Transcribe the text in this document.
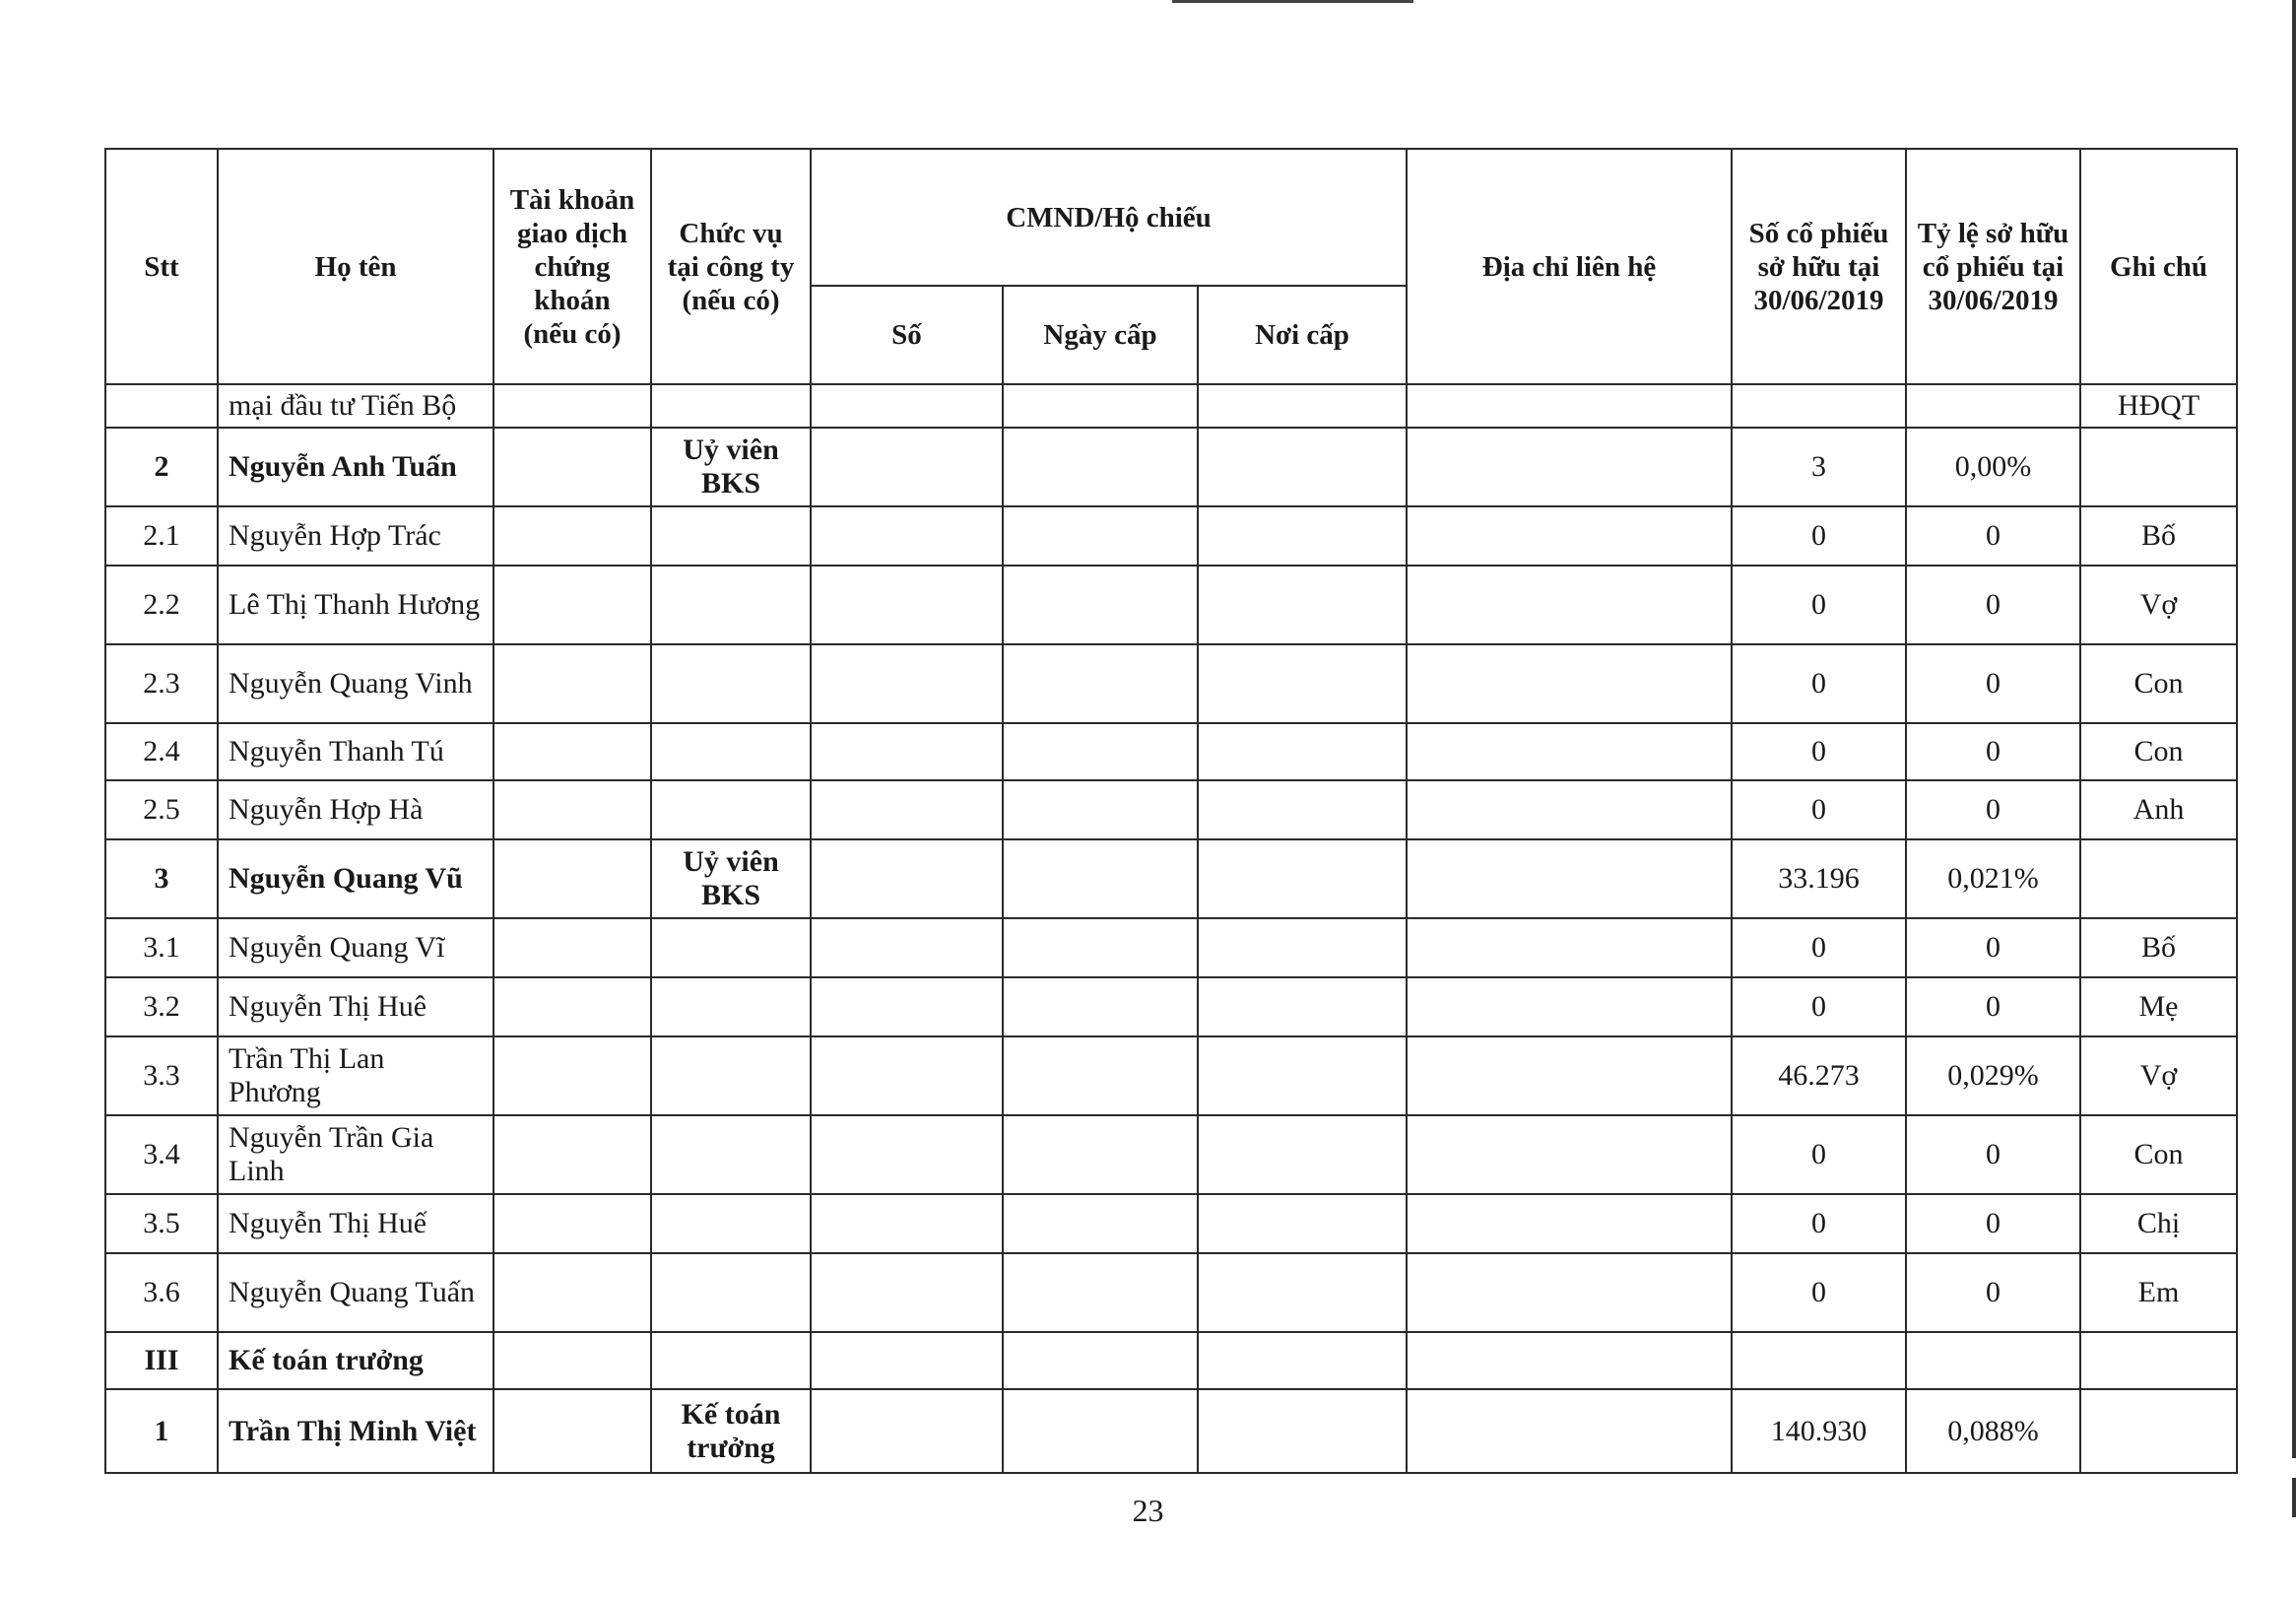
Stt	Họ tên	Tài khoản giao dịch chứng khoán (nếu có)	Chức vụ tại công ty (nếu có)	CMND/Hộ chiếu			Địa chỉ liên hệ	Số cổ phiếu sở hữu tại 30/06/2019	Tỷ lệ sở hữu cổ phiếu tại 30/06/2019	Ghi chú
				Số	Ngày cấp	Nơi cấp				
	mại đầu tư Tiến Bộ									HĐQT
2	Nguyễn Anh Tuấn		Uỷ viên BKS					3	0,00%	
2.1	Nguyễn Hợp Trác							0	0	Bố
2.2	Lê Thị Thanh Hương							0	0	Vợ
2.3	Nguyễn Quang Vinh							0	0	Con
2.4	Nguyễn Thanh Tú							0	0	Con
2.5	Nguyễn Hợp Hà							0	0	Anh
3	Nguyễn Quang Vũ		Uỷ viên BKS					33.196	0,021%	
3.1	Nguyễn Quang Vĩ							0	0	Bố
3.2	Nguyễn Thị Huê							0	0	Mẹ
3.3	Trần Thị Lan Phương							46.273	0,029%	Vợ
3.4	Nguyễn Trần Gia Linh							0	0	Con
3.5	Nguyễn Thị Huế							0	0	Chị
3.6	Nguyễn Quang Tuấn							0	0	Em
III	Kế toán trưởng									
1	Trần Thị Minh Việt		Kế toán trưởng					140.930	0,088%	
23
